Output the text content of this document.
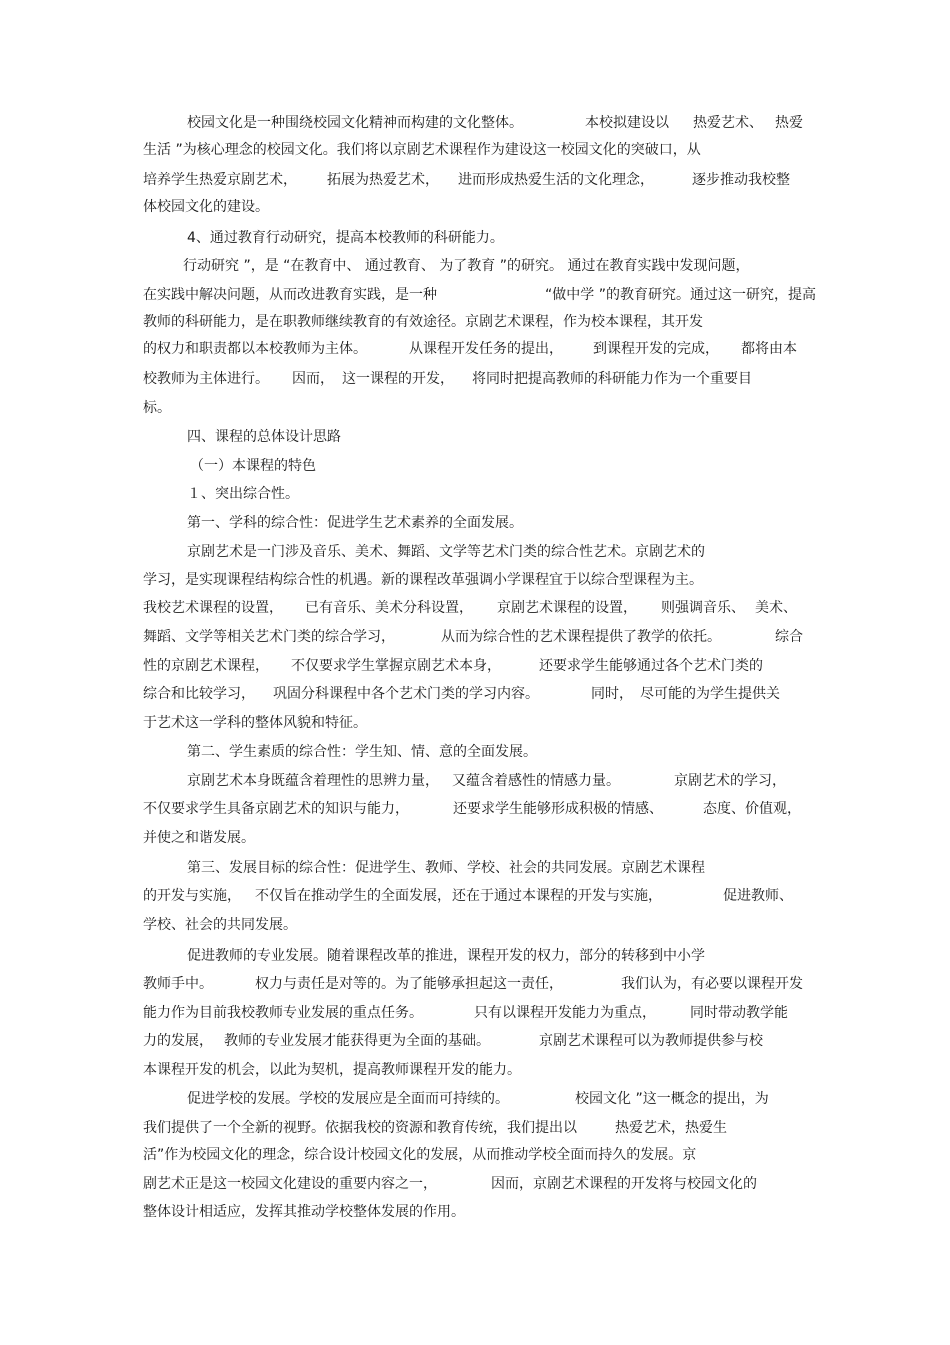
校园文化是一种围绕校园文化精神而构建的文化整体。	本校拟建设以 热爱艺术、 热爱
生活 ”为核心理念的校园文化。我们将以京剧艺术课程作为建设这一校园文化的突破口，从
培养学生热爱京剧艺术， 拓展为热爱艺术， 进而形成热爱生活的文化理念，	逐步推动我校整
体校园文化的建设。
4、通过教育行动研究，提高本校教师的科研能力。
行动研究 ”，是 “在教育中、 通过教育、 为了教育 ”的研究。 通过在教育实践中发现问题，
在实践中解决问题，从而改进教育实践，是一种	“做中学 ”的教育研究。通过这一研究，提高
教师的科研能力，是在职教师继续教育的有效途径。京剧艺术课程，作为校本课程，其开发
的权力和职责都以本校教师为主体。	从课程开发任务的提出， 到课程开发的完成， 都将由本
校教师为主体进行。 因而， 这一课程的开发， 将同时把提高教师的科研能力作为一个重要目
标。
四、课程的总体设计思路
（一）本课程的特色
１、突出综合性。
第一、学科的综合性：促进学生艺术素养的全面发展。
京剧艺术是一门涉及音乐、美术、舞蹈、文学等艺术门类的综合性艺术。京剧艺术的
学习，是实现课程结构综合性的机遇。新的课程改革强调小学课程宜于以综合型课程为主。
我校艺术课程的设置， 已有音乐、美术分科设置， 京剧艺术课程的设置， 则强调音乐、 美术、
舞蹈、文学等相关艺术门类的综合学习，	从而为综合性的艺术课程提供了教学的依托。	综合
性的京剧艺术课程， 不仅要求学生掌握京剧艺术本身，	还要求学生能够通过各个艺术门类的
综合和比较学习， 巩固分科课程中各个艺术门类的学习内容。	同时， 尽可能的为学生提供关
于艺术这一学科的整体风貌和特征。
第二、学生素质的综合性：学生知、情、意的全面发展。
京剧艺术本身既蕴含着理性的思辨力量， 又蕴含着感性的情感力量。	京剧艺术的学习，
不仅要求学生具备京剧艺术的知识与能力，	还要求学生能够形成积极的情感、	态度、价值观，
并使之和谐发展。
第三、发展目标的综合性：促进学生、教师、学校、社会的共同发展。京剧艺术课程
的开发与实施， 不仅旨在推动学生的全面发展， 还在于通过本课程的开发与实施，	促进教师、
学校、社会的共同发展。
促进教师的专业发展。随着课程改革的推进，课程开发的权力，部分的转移到中小学
教师手中。	权力与责任是对等的。为了能够承担起这一责任，	我们认为，有必要以课程开发
能力作为目前我校教师专业发展的重点任务。	只有以课程开发能力为重点， 同时带动教学能
力的发展， 教师的专业发展才能获得更为全面的基础。	京剧艺术课程可以为教师提供参与校
本课程开发的机会，以此为契机，提高教师课程开发的能力。
促进学校的发展。学校的发展应是全面而可持续的。	校园文化 ”这一概念的提出，为
我们提供了一个全新的视野。依据我校的资源和教育传统，我们提出以	热爱艺术，热爱生
活”作为校园文化的理念，综合设计校园文化的发展，从而推动学校全面而持久的发展。京
剧艺术正是这一校园文化建设的重要内容之一，	因而，京剧艺术课程的开发将与校园文化的
整体设计相适应，发挥其推动学校整体发展的作用。
